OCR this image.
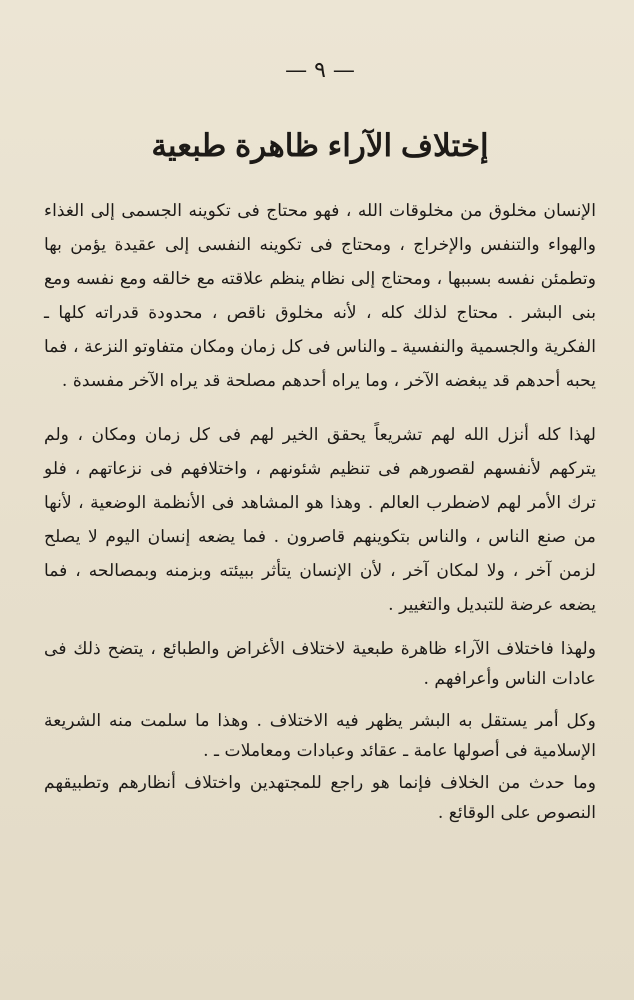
— ٩ —
إختلاف الآراء ظاهرة طبعية

الإنسان مخلوق من مخلوقات الله ، فهو محتاج فى تكوينه الجسمى إلى الغذاء والهواء والتنفس والإخراج ، ومحتاج فى تكوينه النفسى إلى عقيدة يؤمن بها وتطمئن نفسه بسببها ، ومحتاج إلى نظام ينظم علاقته مع خالقه ومع نفسه ومع بنى البشر . محتاج لذلك كله ، لأنه مخلوق ناقص ، محدودة قدراته كلها ـ الفكرية والجسمية والنفسية ـ والناس فى كل زمان ومكان متفاوتو النزعة ، فما يحبه أحدهم قد يبغضه الآخر ، وما يراه أحدهم مصلحة قد يراه الآخر مفسدة .

لهذا كله أنزل الله لهم تشريعاً يحقق الخير لهم فى كل زمان ومكان ، ولم يتركهم لأنفسهم لقصورهم فى تنظيم شئونهم ، واختلافهم فى نزعاتهم ، فلو ترك الأمر لهم لاضطرب العالم . وهذا هو المشاهد فى الأنظمة الوضعية ، لأنها من صنع الناس ، والناس بتكوينهم قاصرون . فما يضعه إنسان اليوم لا يصلح لزمن آخر ، ولا لمكان آخر ، لأن الإنسان يتأثر ببيئته وبزمنه وبمصالحه ، فما يضعه عرضة للتبديل والتغيير .

ولهذا فاختلاف الآراء ظاهرة طبعية لاختلاف الأغراض والطبائع ، يتضح ذلك فى عادات الناس وأعرافهم .

وكل أمر يستقل به البشر يظهر فيه الاختلاف . وهذا ما سلمت منه الشريعة الإسلامية فى أصولها عامة ـ عقائد وعبادات ومعاملات ـ .

وما حدث من الخلاف فإنما هو راجع للمجتهدين واختلاف أنظارهم وتطبيقهم النصوص على الوقائع .
